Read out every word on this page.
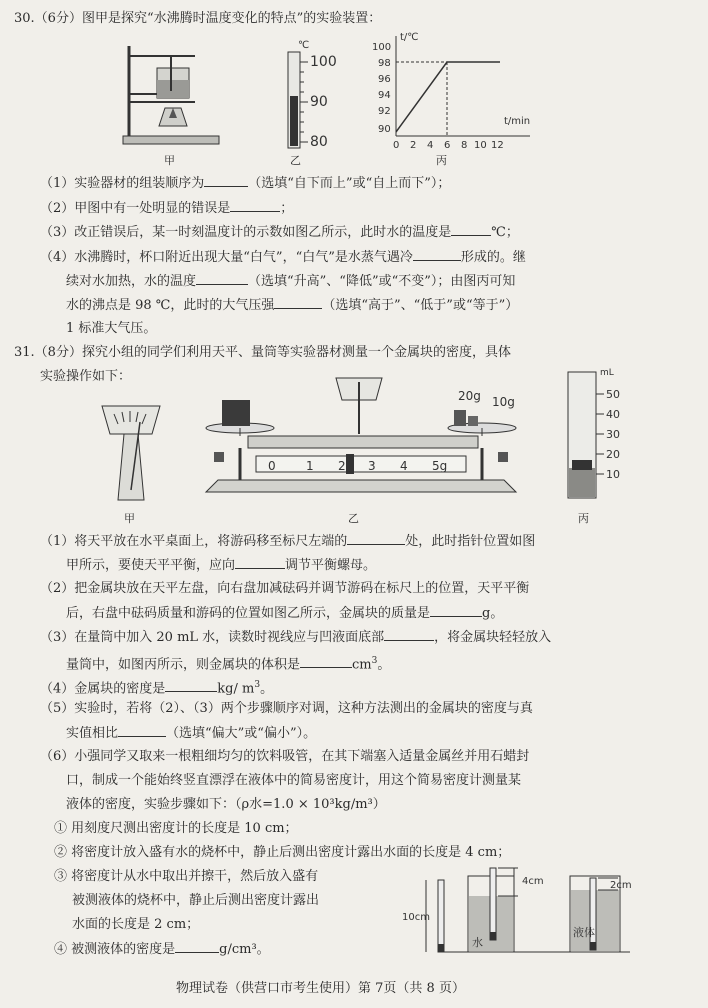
30.（6分）图甲是探究“水沸腾时温度变化的特点”的实验装置：
℃
100
90
80
t/℃
t/min
100
98
96
94
92
90
0 2 4 6 8 10 12
甲	乙	丙
（1）实验器材的组装顺序为	（选填“自下而上”或“自上而下”）；
（2）甲图中有一处明显的错误是	；
（3）改正错误后，某一时刻温度计的示数如图乙所示，此时水的温度是	℃；
（4）水沸腾时，杯口附近出现大量“白气”，“白气”是水蒸气遇冷	形成的。继
续对水加热，水的温度	（选填“升高”、“降低”或“不变”）；由图丙可知
水的沸点是 98 ℃，此时的大气压强	（选填“高于”、“低于”或“等于”）
1 标准大气压。
31.（8分）探究小组的同学们利用天平、量筒等实验器材测量一个金属块的密度，具体
实验操作如下：
0	1 2 3 4 5g
20g 10g
mL
50
40
30
20
10
甲	乙	丙
（1）将天平放在水平桌面上，将游码移至标尺左端的	处，此时指针位置如图
甲所示，要使天平平衡，应向	调节平衡螺母。
（2）把金属块放在天平左盘，向右盘加减砝码并调节游码在标尺上的位置，天平平衡
后，右盘中砝码质量和游码的位置如图乙所示，金属块的质量是	g。
（3）在量筒中加入 20 mL 水，读数时视线应与凹液面底部	，将金属块轻轻放入
量筒中，如图丙所示，则金属块的体积是	$cm^3$。
（4）金属块的密度是	kg/ $m^3$。
（5）实验时，若将（2）、（3）两个步骤顺序对调，这种方法测出的金属块的密度与真
实值相比	（选填“偏大”或“偏小”）。
（6）小强同学又取来一根粗细均匀的饮料吸管，在其下端塞入适量金属丝并用石蜡封
口，制成一个能始终竖直漂浮在液体中的简易密度计，用这个简易密度计测量某
液体的密度，实验步骤如下：（ρ水=1.0 × 10³kg/m³）
① 用刻度尺测出密度计的长度是 10 cm；
② 将密度计放入盛有水的烧杯中，静止后测出密度计露出水面的长度是 4 cm；
③ 将密度计从水中取出并擦干，然后放入盛有
被测液体的烧杯中，静止后测出密度计露出
水面的长度是 2 cm；
④ 被测液体的密度是	g/cm³。
10cm
4cm
水
2cm
液体
物理试卷（供营口市考生使用）第 7页（共 8 页）
